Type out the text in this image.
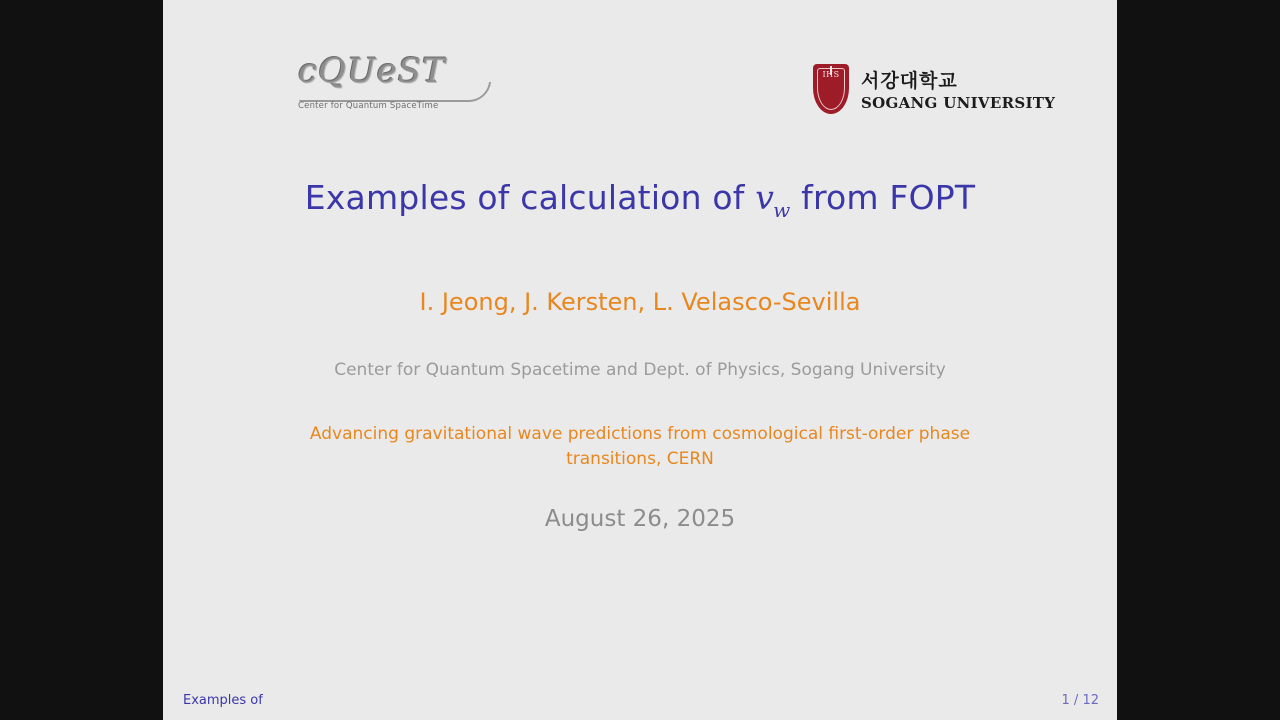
cQUeST
Center for Quantum SpaceTime
IHS	서강대학교
SOGANG UNIVERSITY
Examples of calculation of $v_w$ from FOPT
I. Jeong, J. Kersten, L. Velasco-Sevilla
Center for Quantum Spacetime and Dept. of Physics, Sogang University
Advancing gravitational wave predictions from cosmological first-order phase
transitions, CERN
August 26, 2025
Examples of	1 / 12
